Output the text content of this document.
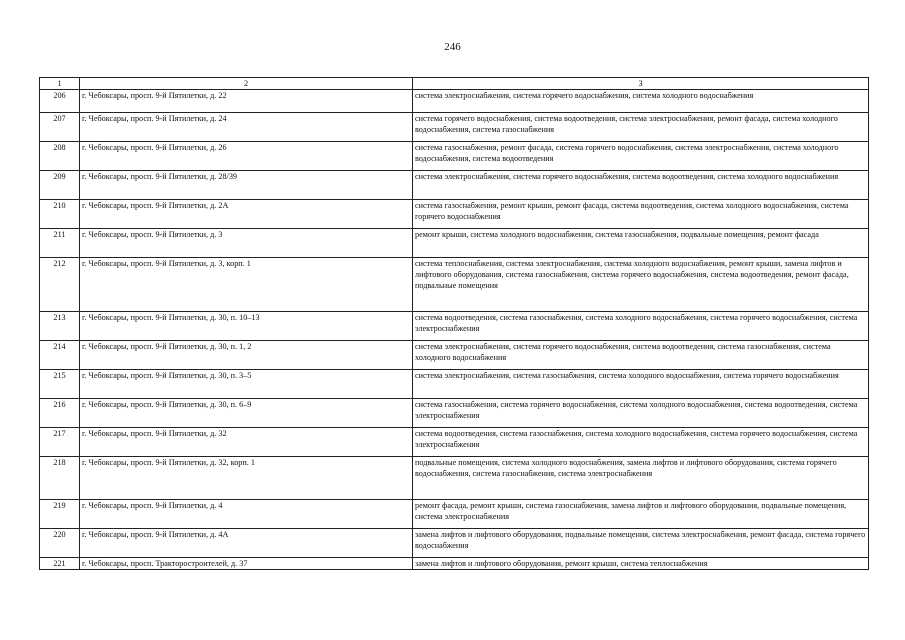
246
1	2	3
206	г. Чебоксары, просп. 9-й Пятилетки, д. 22	система электроснабжения, система горячего водоснабжения, система холодного водоснабжения
207	г. Чебоксары, просп. 9-й Пятилетки, д. 24	система горячего водоснабжения, система водоотведения, система электроснабжения, ремонт фасада, система холодного водоснабжения, система газоснабжения
208	г. Чебоксары, просп. 9-й Пятилетки, д. 26	система газоснабжения, ремонт фасада, система горячего водоснабжения, система электроснабжения, система холодного водоснабжения, система водоотведения
209	г. Чебоксары, просп. 9-й Пятилетки, д. 28/39	система электроснабжения, система горячего водоснабжения, система водоотведения, система холодного водоснабжения
210	г. Чебоксары, просп. 9-й Пятилетки, д. 2А	система газоснабжения, ремонт крыши, ремонт фасада, система водоотведения, система холодного водоснабжения, система горячего водоснабжения
211	г. Чебоксары, просп. 9-й Пятилетки, д. 3	ремонт крыши, система холодного водоснабжения, система газоснабжения, подвальные помещения, ремонт фасада
212	г. Чебоксары, просп. 9-й Пятилетки, д. 3, корп. 1	система теплоснабжения, система электроснабжения, система холодного водоснабжения, ремонт крыши, замена лифтов и лифтового оборудования, система газоснабжения, система горячего водоснабжения, система водоотведения, ремонт фасада, подвальные помещения
213	г. Чебоксары, просп. 9-й Пятилетки, д. 30, п. 10–13	система водоотведения, система газоснабжения, система холодного водоснабжения, система горячего водоснабжения, система электроснабжения
214	г. Чебоксары, просп. 9-й Пятилетки, д. 30, п. 1, 2	система электроснабжения, система горячего водоснабжения, система водоотведения, система газоснабжения, система холодного водоснабжения
215	г. Чебоксары, просп. 9-й Пятилетки, д. 30, п. 3–5	система электроснабжения, система газоснабжения, система холодного водоснабжения, система горячего водоснабжения
216	г. Чебоксары, просп. 9-й Пятилетки, д. 30, п. 6–9	система газоснабжения, система горячего водоснабжения, система холодного водоснабжения, система водоотведения, система электроснабжения
217	г. Чебоксары, просп. 9-й Пятилетки, д. 32	система водоотведения, система газоснабжения, система холодного водоснабжения, система горячего водоснабжения, система электроснабжения
218	г. Чебоксары, просп. 9-й Пятилетки, д. 32, корп. 1	подвальные помещения, система холодного водоснабжения, замена лифтов и лифтового оборудования, система горячего водоснабжения, система газоснабжения, система электроснабжения
219	г. Чебоксары, просп. 9-й Пятилетки, д. 4	ремонт фасада, ремонт крыши, система газоснабжения, замена лифтов и лифтового оборудования, подвальные помещения, система электроснабжения
220	г. Чебоксары, просп. 9-й Пятилетки, д. 4А	замена лифтов и лифтового оборудования, подвальные помещения, система электроснабжения, ремонт фасада, система горячего водоснабжения
221	г. Чебоксары, просп. Тракторостроителей, д. 37	замена лифтов и лифтового оборудования, ремонт крыши, система теплоснабжения
